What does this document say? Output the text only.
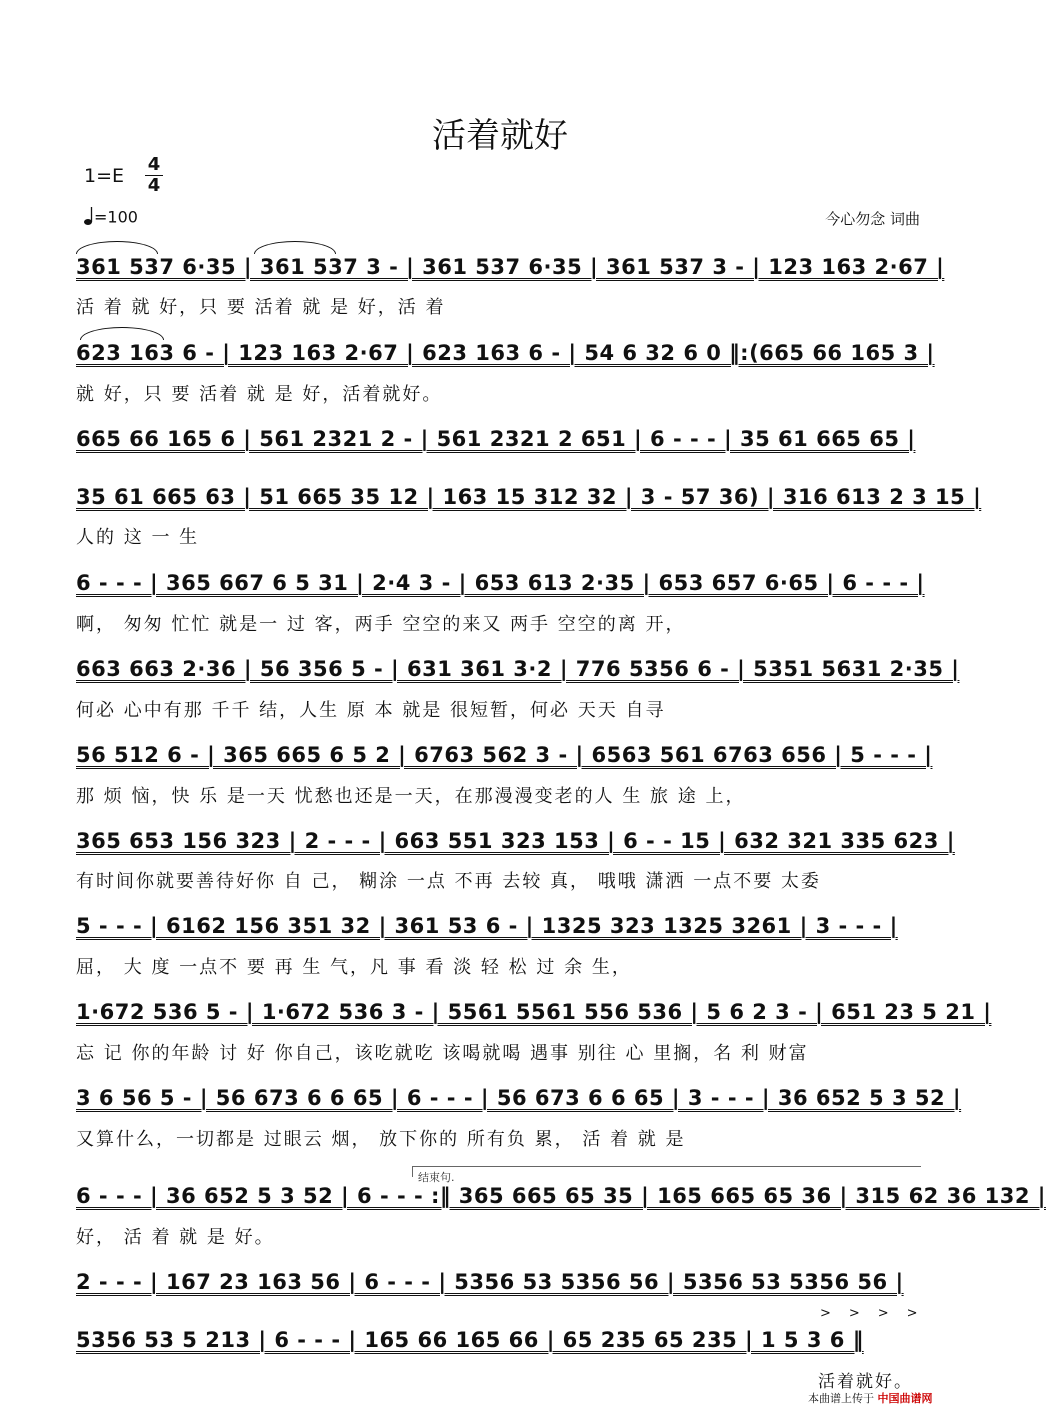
活着就好
1=E
4
4
=100	今心勿念 词曲
361 537 6·35 | 361 537 3 - | 361 537 6·35 | 361 537 3 - | 123 163 2·67 |
活 着 就 好，只 要 活着 就 是 好，活 着
623 163 6 - | 123 163 2·67 | 623 163 6 - | 54 6 32 6 0 ‖:(665 66 165 3 |
就 好，只 要 活着 就 是 好，活着就好。
665 66 165 6 | 561 2321 2 - | 561 2321 2 651 | 6 - - - | 35 61 665 65 |
35 61 665 63 | 51 665 35 12 | 163 15 312 32 | 3 - 57 36) | 316 613 2 3 15 |
人的 这 一 生
6 - - - | 365 667 6 5 31 | 2·4 3 - | 653 613 2·35 | 653 657 6·65 | 6 - - - |
啊， 匆匆 忙忙 就是一 过 客，两手 空空的来又 两手 空空的离 开，
663 663 2·36 | 56 356 5 - | 631 361 3·2 | 776 5356 6 - | 5351 5631 2·35 |
何必 心中有那 千千 结，人生 原 本 就是 很短暂，何必 天天 自寻
56 512 6 - | 365 665 6 5 2 | 6763 562 3 - | 6563 561 6763 656 | 5 - - - |
那 烦 恼，快 乐 是一天 忧愁也还是一天，在那漫漫变老的人 生 旅 途 上，
365 653 156 323 | 2 - - - | 663 551 323 153 | 6 - - 15 | 632 321 335 623 |
有时间你就要善待好你 自 己， 糊涂 一点 不再 去较 真， 哦哦 潇洒 一点不要 太委
5 - - - | 6162 156 351 32 | 361 53 6 - | 1325 323 1325 3261 | 3 - - - |
屈， 大 度 一点不 要 再 生 气，凡 事 看 淡 轻 松 过 余 生，
1·672 536 5 - | 1·672 536 3 - | 5561 5561 556 536 | 5 6 2 3 - | 651 23 5 21 |
忘 记 你的年龄 讨 好 你自己，该吃就吃 该喝就喝 遇事 别往 心 里搁，名 利 财富
3 6 56 5 - | 56 673 6 6 65 | 6 - - - | 56 673 6 6 65 | 3 - - - | 36 652 5 3 52 |
又算什么，一切都是 过眼云 烟， 放下你的 所有负 累， 活 着 就 是
结束句.
6 - - - | 36 652 5 3 52 | 6 - - - :‖ 365 665 65 35 | 165 665 65 36 | 315 62 36 132 |
好， 活 着 就 是 好。
2 - - - | 167 23 163 56 | 6 - - - | 5356 53 5356 56 | 5356 53 5356 56 |
>>>>
5356 53 5 213 | 6 - - - | 165 66 165 66 | 65 235 65 235 | 1 5 3 6 ‖
活着就好。
本曲谱上传于 中国曲谱网
